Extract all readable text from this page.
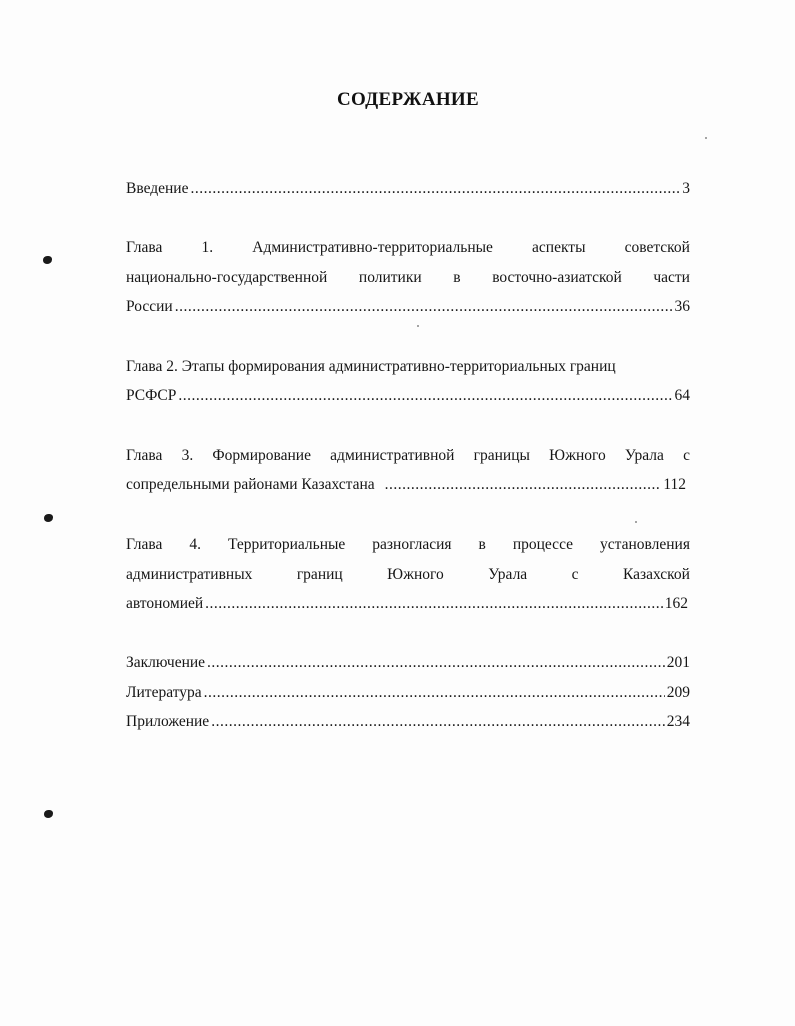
СОДЕРЖАНИЕ
Введение .....	3
Глава	1.	Административно-территориальные	аспекты	советской
национально-государственной политики в восточно-азиатской части
России .....	36
Глава 2. Этапы формирования административно-территориальных границ
РСФСР .....	64
Глава 3. Формирование административной границы Южного Урала с
сопредельными районами Казахстана .....	112
Глава 4. Территориальные разногласия в процессе установления
административных	границ	Южного	Урала	с	Казахской
автономией .....	162
Заключение .....	201
Литература .....	209
Приложение .....	234
